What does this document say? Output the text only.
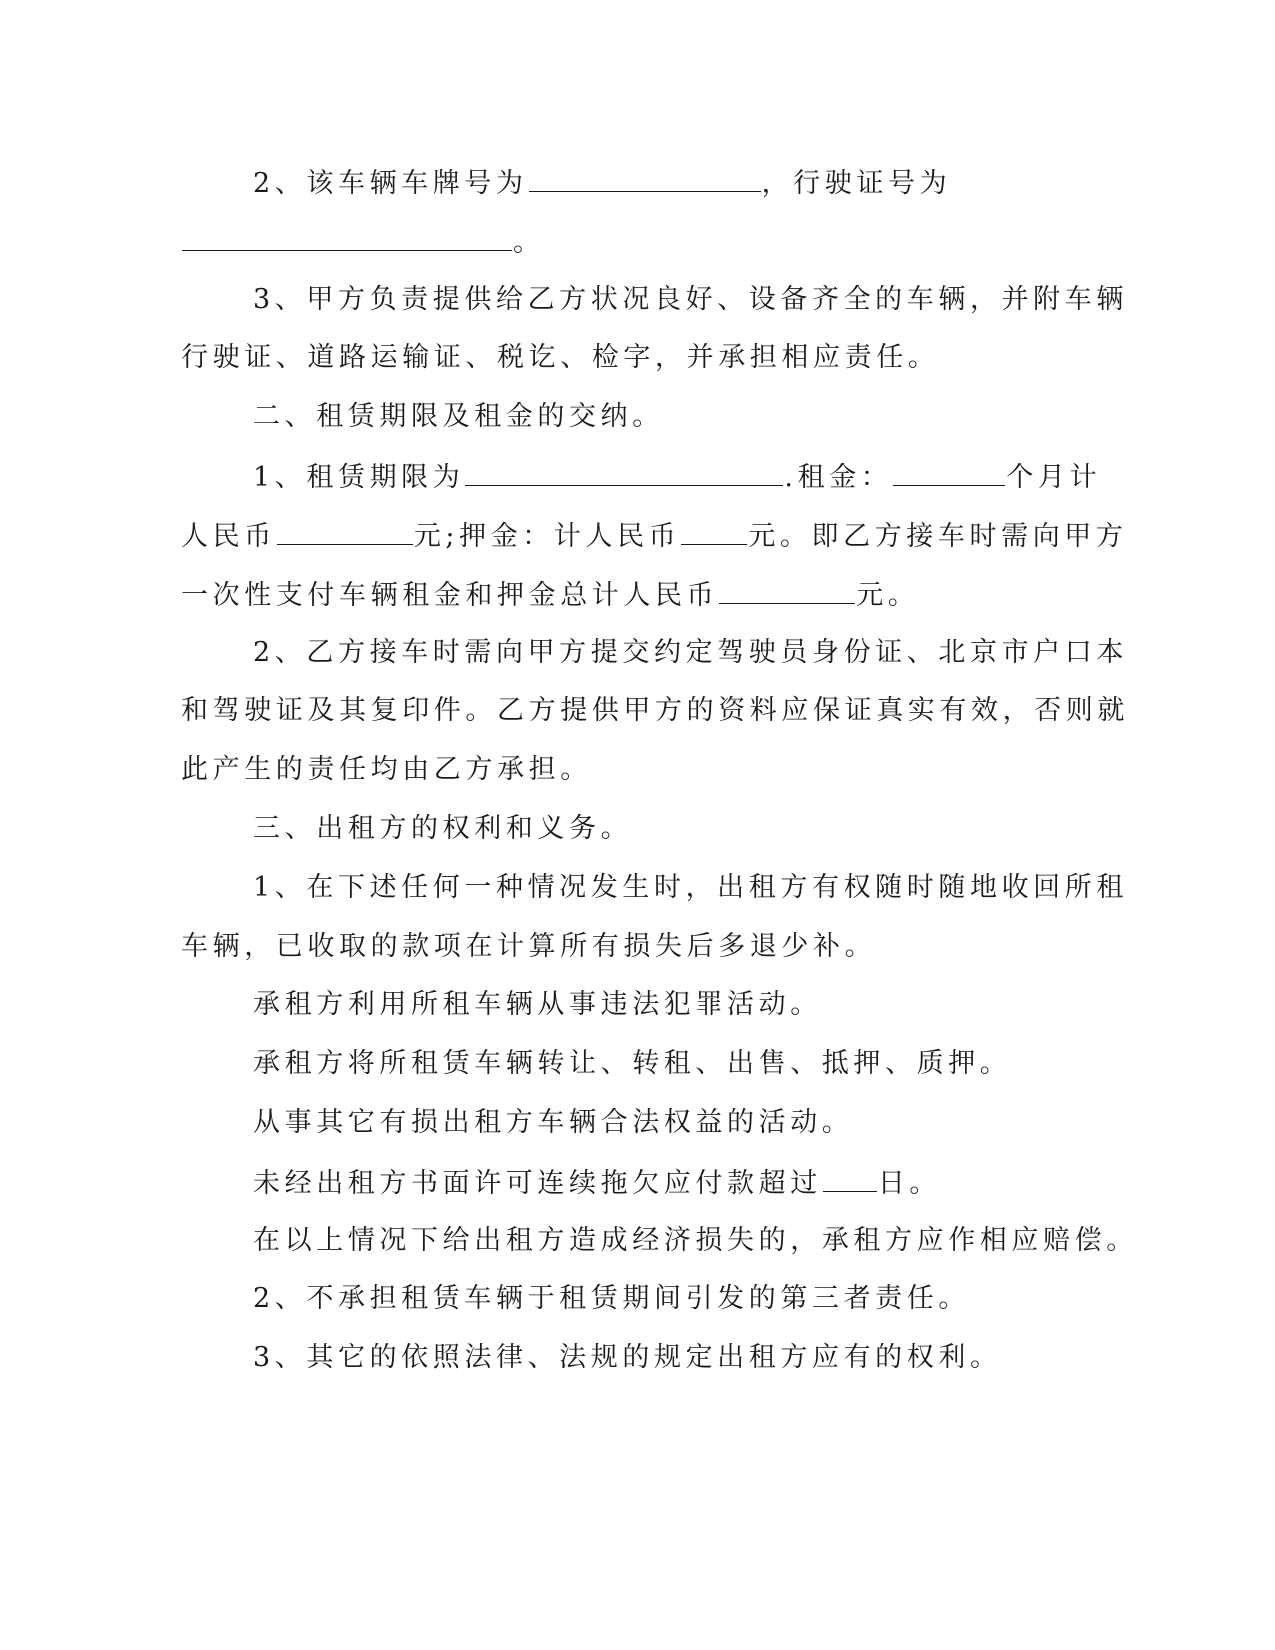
2、该车辆车牌号为	，行驶证号为
。
3、甲方负责提供给乙方状况良好、设备齐全的车辆，并附车辆
行驶证、道路运输证、税讫、检字，并承担相应责任。
二、租赁期限及租金的交纳。
1、租赁期限为	.租金：	个月计
人民币	元;押金：计人民币	元。即乙方接车时需向甲方
一次性支付车辆租金和押金总计人民币	元。
2、乙方接车时需向甲方提交约定驾驶员身份证、北京市户口本
和驾驶证及其复印件。乙方提供甲方的资料应保证真实有效，否则就
此产生的责任均由乙方承担。
三、出租方的权利和义务。
1、在下述任何一种情况发生时，出租方有权随时随地收回所租
车辆，已收取的款项在计算所有损失后多退少补。
承租方利用所租车辆从事违法犯罪活动。
承租方将所租赁车辆转让、转租、出售、抵押、质押。
从事其它有损出租方车辆合法权益的活动。
未经出租方书面许可连续拖欠应付款超过 日。
在以上情况下给出租方造成经济损失的，承租方应作相应赔偿。
2、不承担租赁车辆于租赁期间引发的第三者责任。
3、其它的依照法律、法规的规定出租方应有的权利。
